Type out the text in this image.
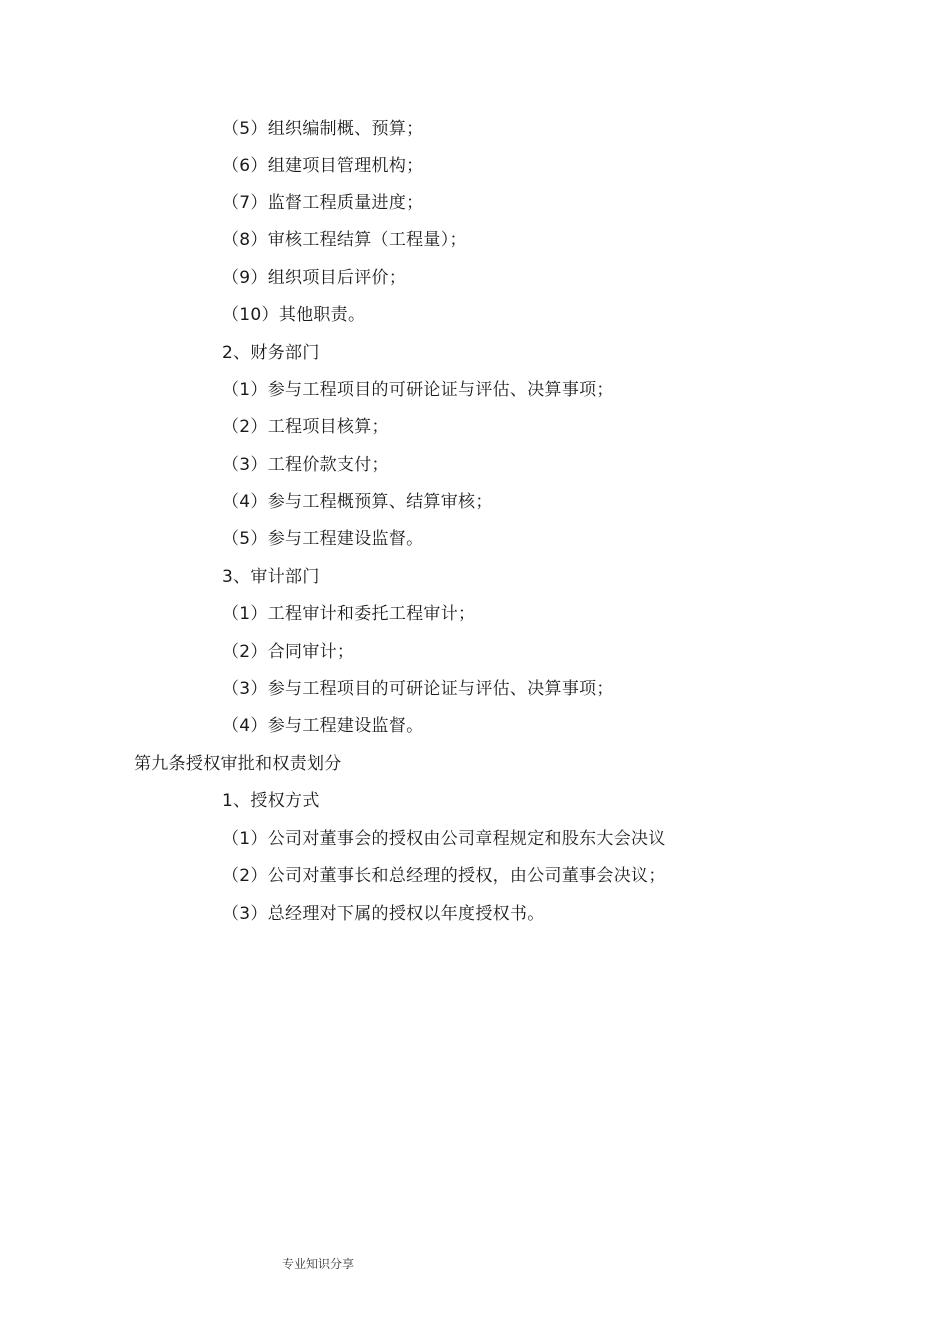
（5）组织编制概、预算；
（6）组建项目管理机构；
（7）监督工程质量进度；
（8）审核工程结算（工程量）；
（9）组织项目后评价；
（10）其他职责。
2、财务部门
（1）参与工程项目的可研论证与评估、决算事项；
（2）工程项目核算；
（3）工程价款支付；
（4）参与工程概预算、结算审核；
（5）参与工程建设监督。
3、审计部门
（1）工程审计和委托工程审计；
（2）合同审计；
（3）参与工程项目的可研论证与评估、决算事项；
（4）参与工程建设监督。
第九条授权审批和权责划分
1、授权方式
（1）公司对董事会的授权由公司章程规定和股东大会决议
（2）公司对董事长和总经理的授权，由公司董事会决议；
（3）总经理对下属的授权以年度授权书。
专业知识分享
